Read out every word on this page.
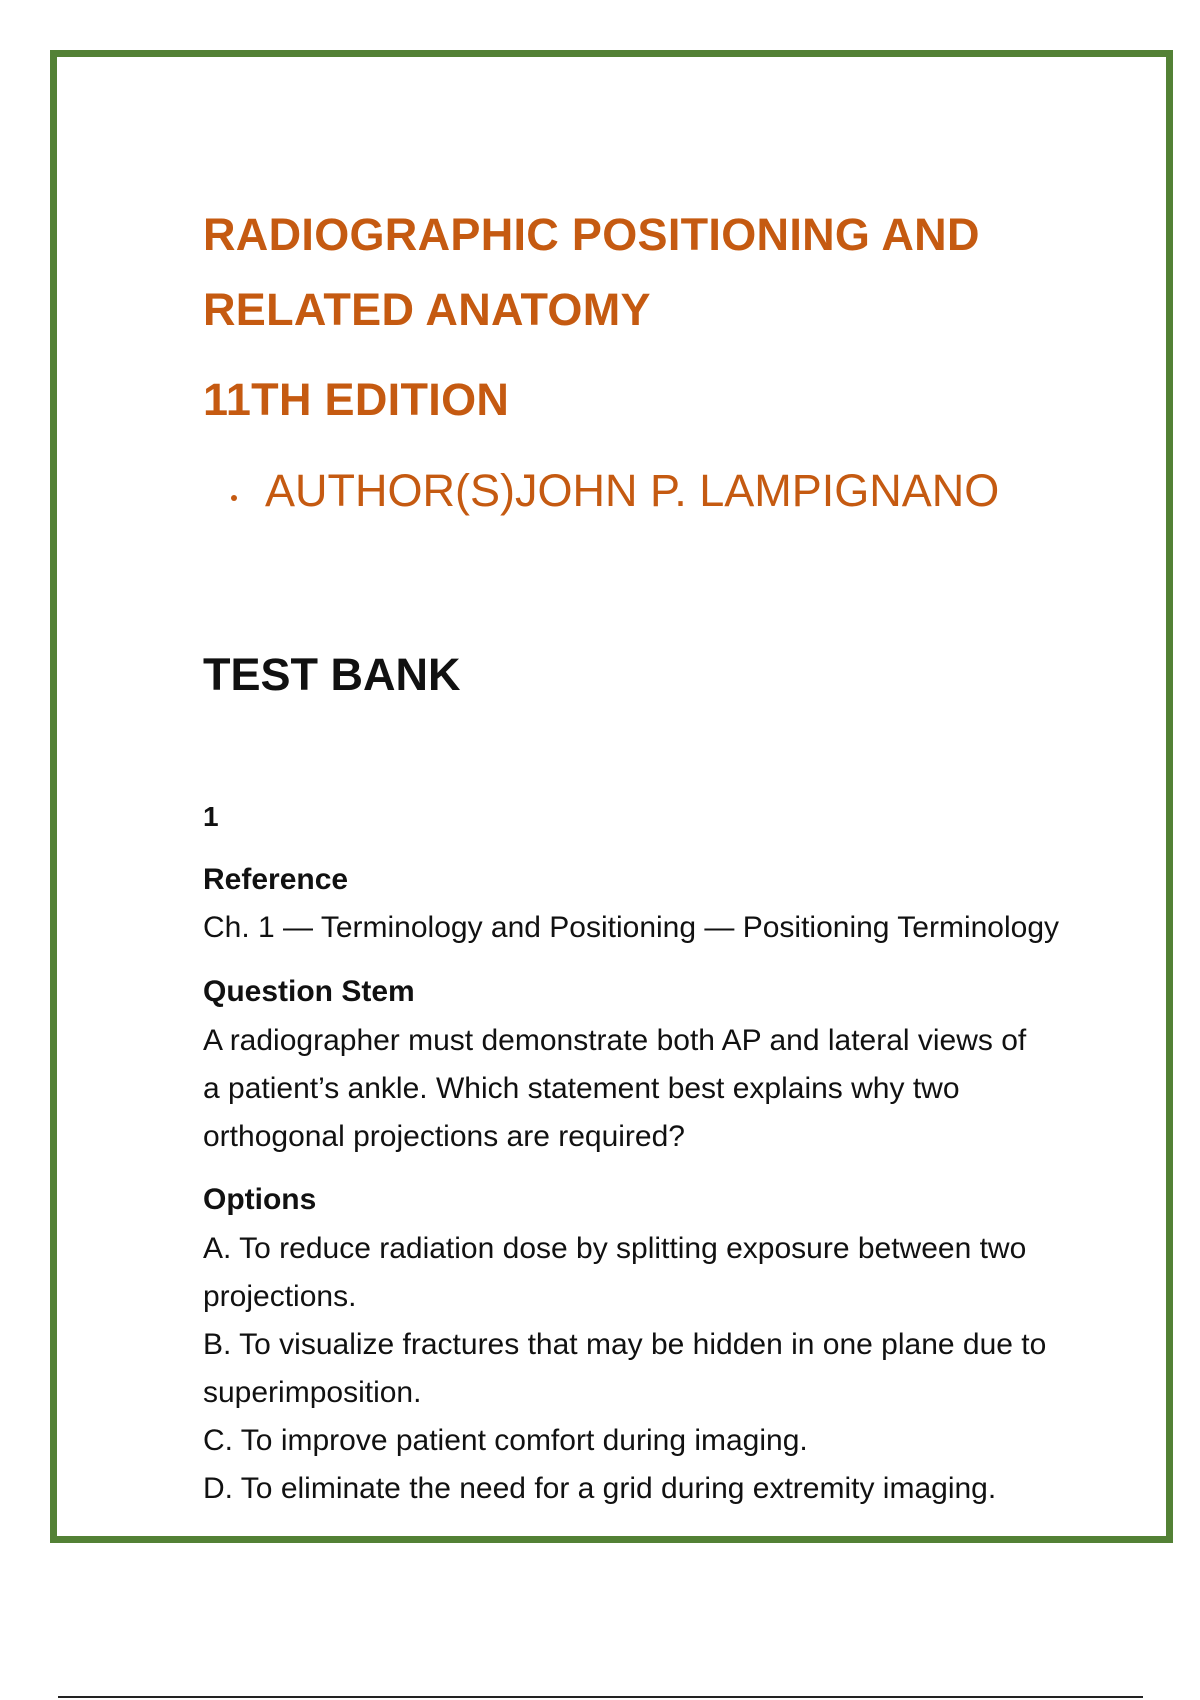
RADIOGRAPHIC POSITIONING AND
RELATED ANATOMY
11TH EDITION
AUTHOR(S)JOHN P. LAMPIGNANO
TEST BANK
1
Reference
Ch. 1 — Terminology and Positioning — Positioning Terminology
Question Stem
A radiographer must demonstrate both AP and lateral views of
a patient’s ankle. Which statement best explains why two
orthogonal projections are required?
Options
A. To reduce radiation dose by splitting exposure between two
projections.
B. To visualize fractures that may be hidden in one plane due to
superimposition.
C. To improve patient comfort during imaging.
D. To eliminate the need for a grid during extremity imaging.
